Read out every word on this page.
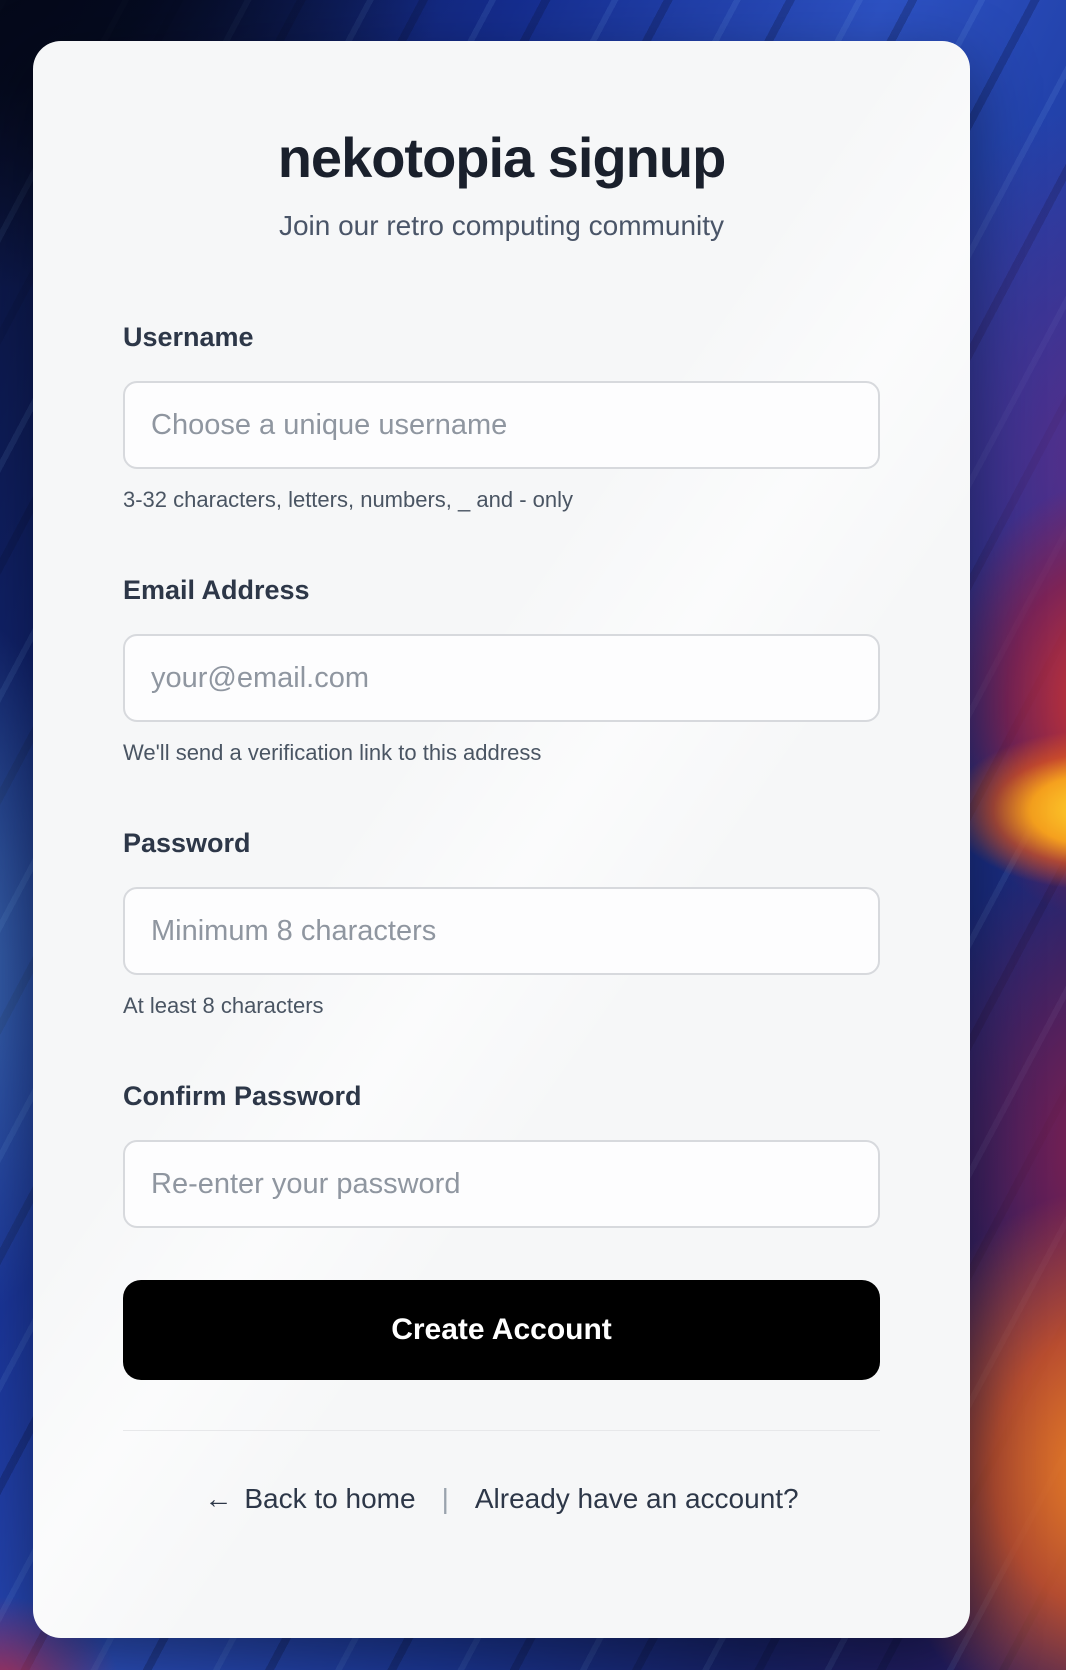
nekotopia signup

Join our retro computing community

Username
Choose a unique username
3-32 characters, letters, numbers, _ and - only
Email Address
your@email.com
We'll send a verification link to this address
Password
At least 8 characters
Confirm Password
Create Account
← Back to home | Already have an account?
